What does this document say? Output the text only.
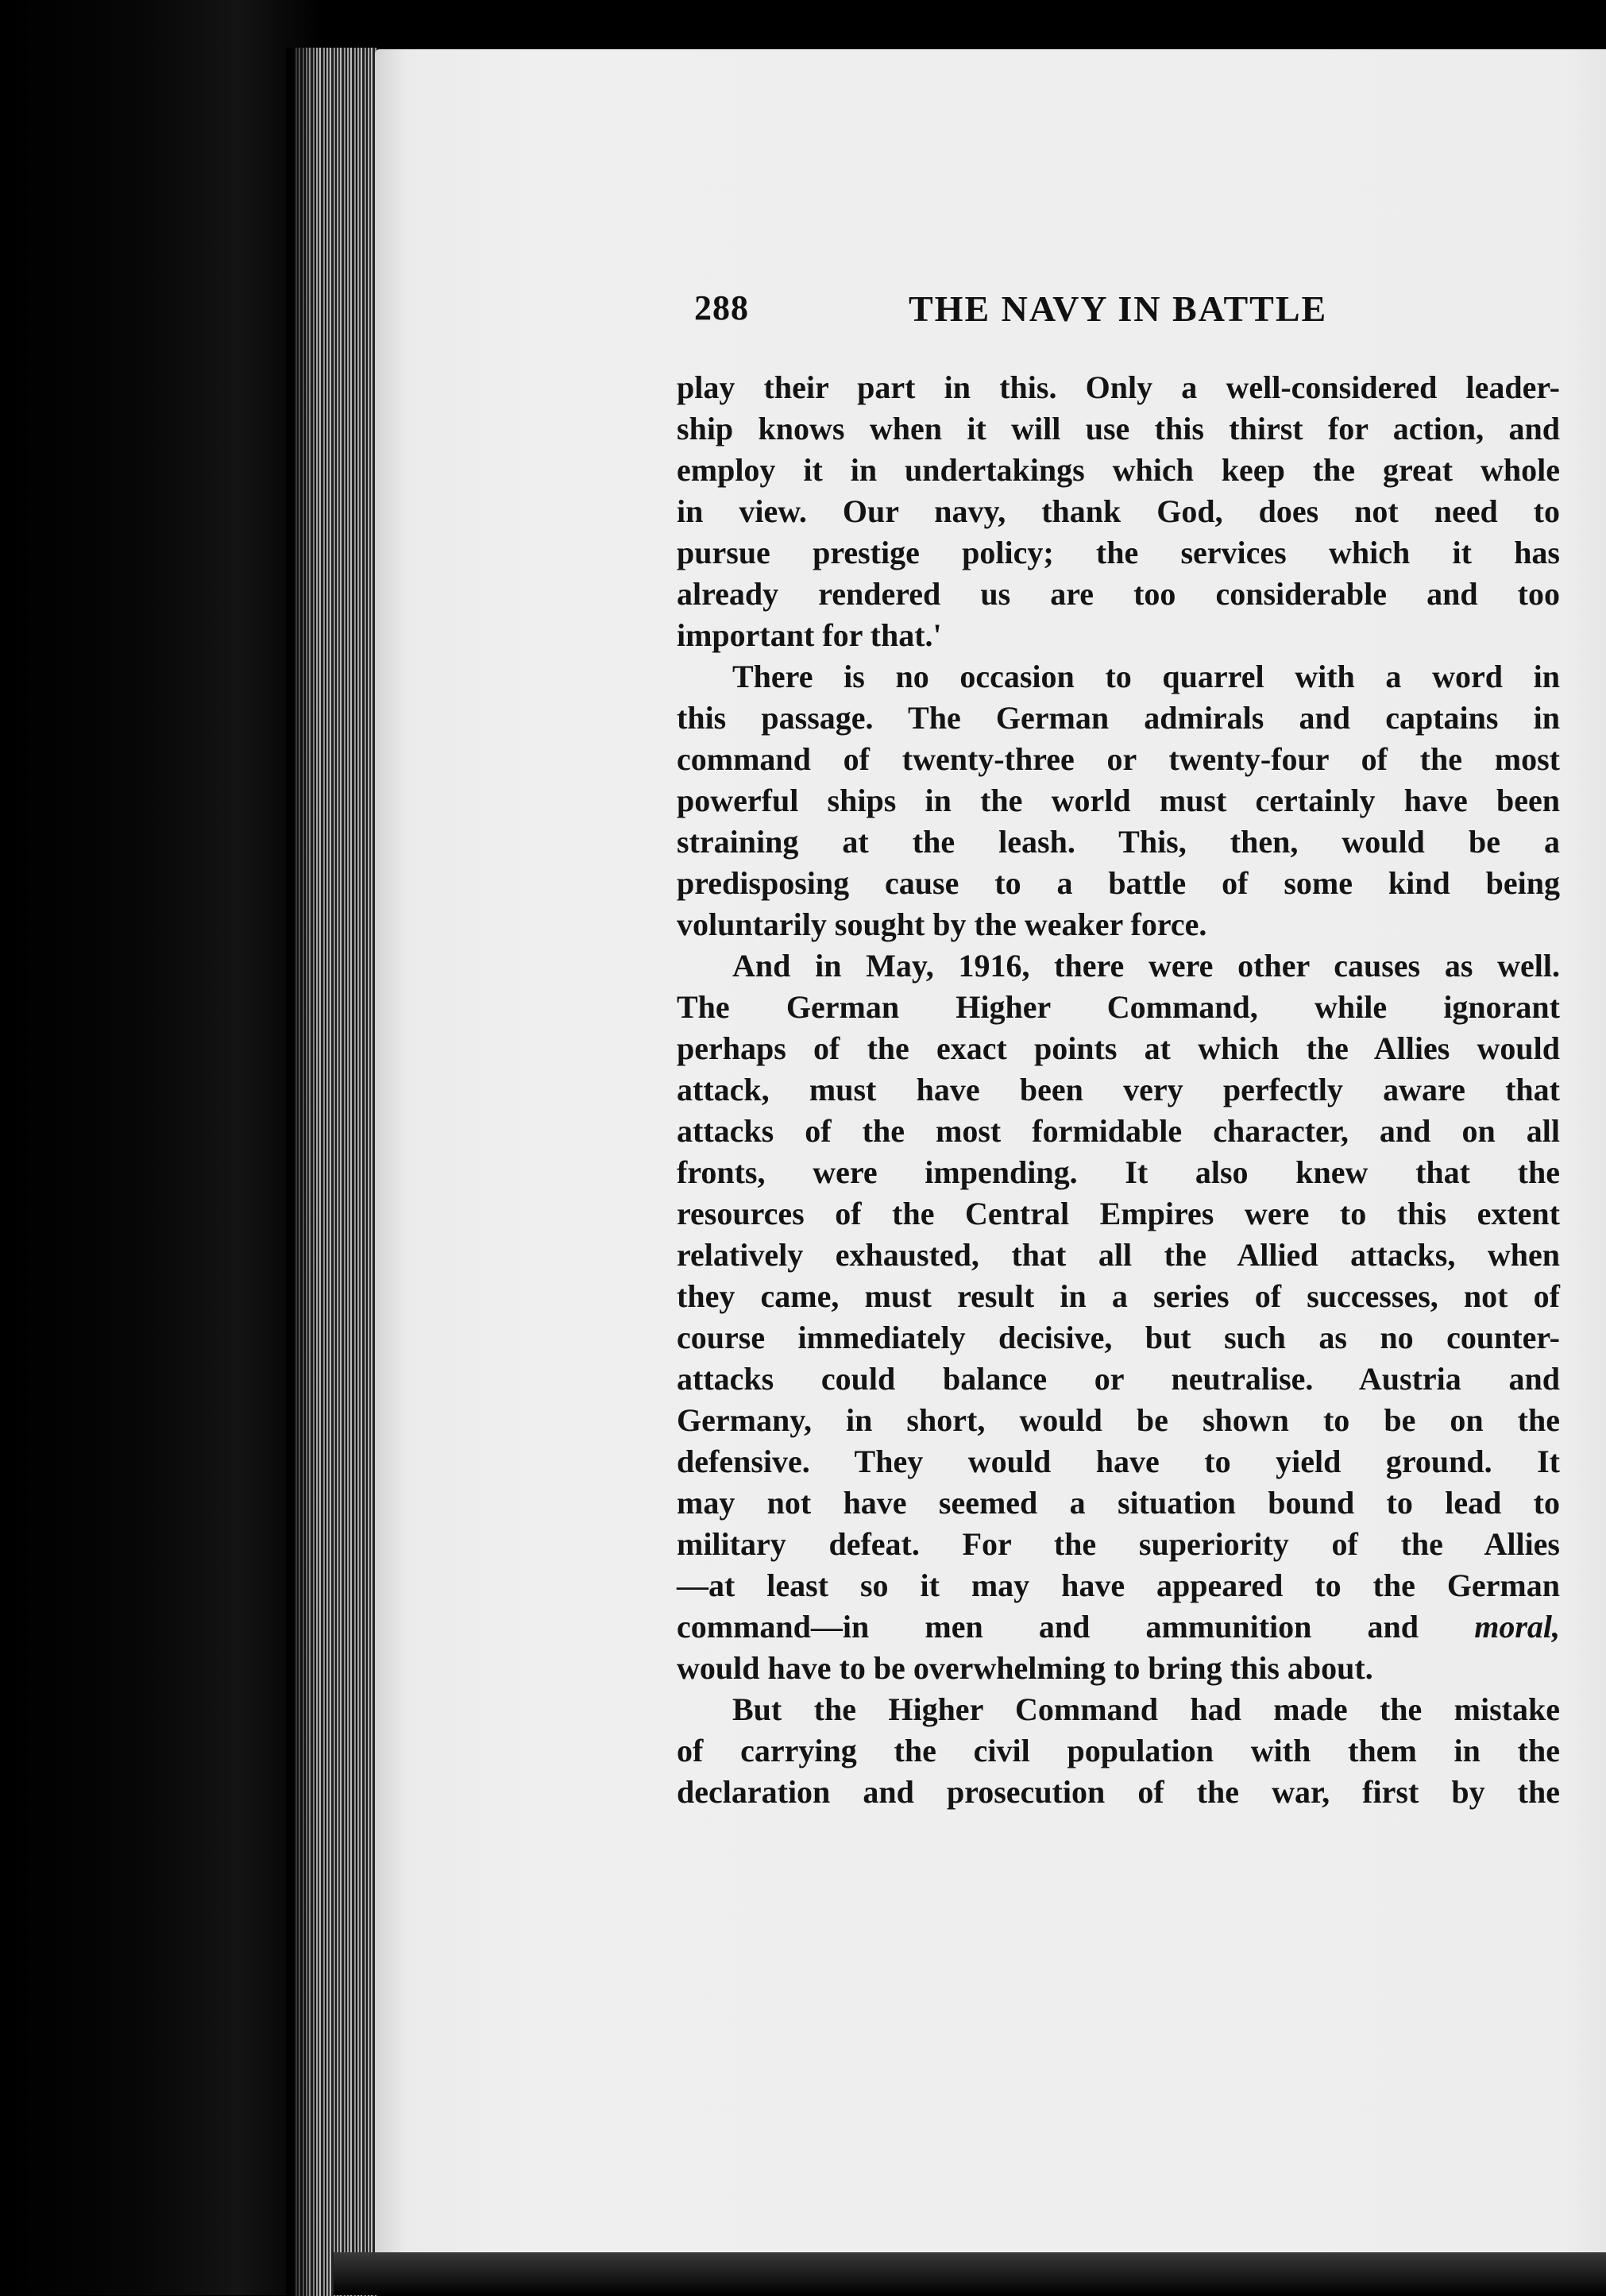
288	THE NAVY IN BATTLE
play their part in this. Only a well-considered leader-
ship knows when it will use this thirst for action, and
employ it in undertakings which keep the great whole
in view. Our navy, thank God, does not need to
pursue prestige policy; the services which it has
already rendered us are too considerable and too
important for that.'
There is no occasion to quarrel with a word in
this passage. The German admirals and captains in
command of twenty-three or twenty-four of the most
powerful ships in the world must certainly have been
straining at the leash. This, then, would be a
predisposing cause to a battle of some kind being
voluntarily sought by the weaker force.
And in May, 1916, there were other causes as well.
The German Higher Command, while ignorant
perhaps of the exact points at which the Allies would
attack, must have been very perfectly aware that
attacks of the most formidable character, and on all
fronts, were impending. It also knew that the
resources of the Central Empires were to this extent
relatively exhausted, that all the Allied attacks, when
they came, must result in a series of successes, not of
course immediately decisive, but such as no counter-
attacks could balance or neutralise. Austria and
Germany, in short, would be shown to be on the
defensive. They would have to yield ground. It
may not have seemed a situation bound to lead to
military defeat. For the superiority of the Allies
—at least so it may have appeared to the German
command—in men and ammunition and moral,
would have to be overwhelming to bring this about.
But the Higher Command had made the mistake
of carrying the civil population with them in the
declaration and prosecution of the war, first by the
